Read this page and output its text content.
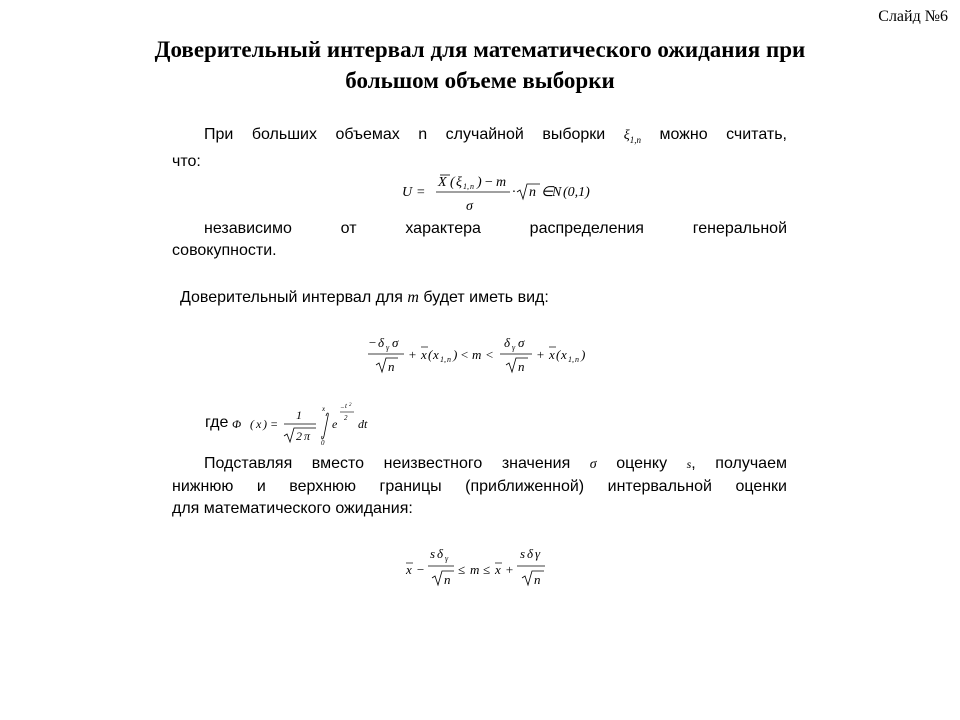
Слайд №6
Доверительный интервал для математического ожидания при
большом объеме выборки
При больших объемах n случайной выборки $\xi_{1,n}$ можно считать,
что:
U =
X ( ξ 1, n ) − m
σ
· n ∈
N (0,1)
независимо от характера распределения генеральной
совокупности.
Доверительный интервал для m будет иметь вид:
− δ γ σ
n
+ x ( x 1, n ) < m <
δ γ σ
n
+ x ( x 1, n )
где Φ ( x ) =
1
2 π
x
0
e
− t 2
2 dt
Подставляя вместо неизвестного значения σ оценку s, получаем
нижнюю и верхнюю границы (приближенной) интервальной оценки
для математического ожидания:
x −
s δ γ
n
≤ m ≤ x +
s δ γ
n
